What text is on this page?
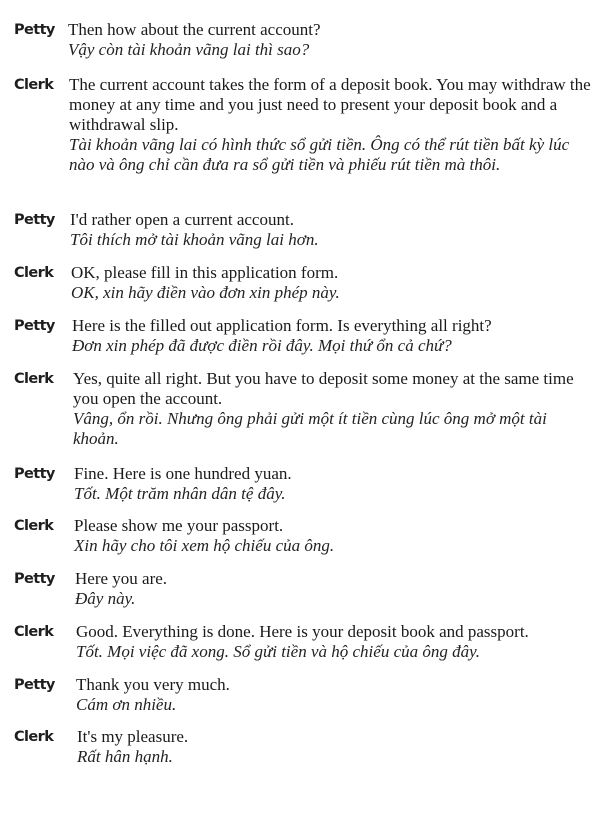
Petty Then how about the current account?

Vậy còn tài khoản vãng lai thì sao?

Clerk The current account takes the form of a deposit book. You may withdraw the money at any time and you just need to present your deposit book and a withdrawal slip.

Tài khoản vãng lai có hình thức sổ gửi tiền. Ông có thể rút tiền bất kỳ lúc nào và ông chỉ cần đưa ra sổ gửi tiền và phiếu rút tiền mà thôi.

Petty I'd rather open a current account.

Tôi thích mở tài khoản vãng lai hơn.

Clerk OK, please fill in this application form.

OK, xin hãy điền vào đơn xin phép này.

Petty Here is the filled out application form. Is everything all right?

Đơn xin phép đã được điền rồi đây. Mọi thứ ổn cả chứ?

Clerk Yes, quite all right. But you have to deposit some money at the same time you open the account.

Vâng, ổn rồi. Nhưng ông phải gửi một ít tiền cùng lúc ông mở một tài khoản.

Petty Fine. Here is one hundred yuan.

Tốt. Một trăm nhân dân tệ đây.

Clerk Please show me your passport.

Xin hãy cho tôi xem hộ chiếu của ông.

Petty Here you are.

Đây này.

Clerk Good. Everything is done. Here is your deposit book and passport.

Tốt. Mọi việc đã xong. Sổ gửi tiền và hộ chiếu của ông đây.

Petty Thank you very much.

Cám ơn nhiều.

Clerk It's my pleasure.

Rất hân hạnh.
